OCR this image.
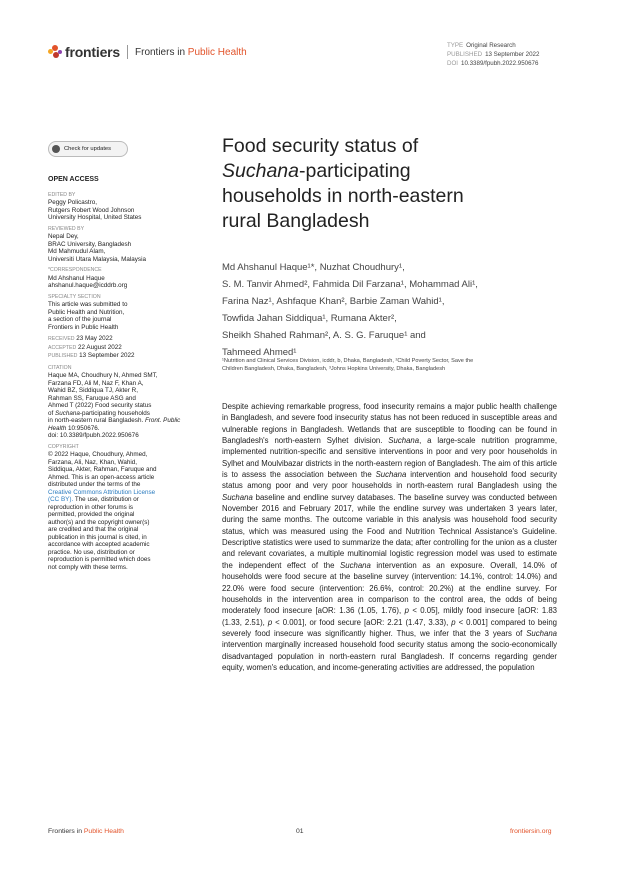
frontiers Frontiers in Public Health
TYPE Original Research
PUBLISHED 13 September 2022
DOI 10.3389/fpubh.2022.950676
Check for updates
OPEN ACCESS
EDITED BY
Peggy Policastro,
Rutgers Robert Wood Johnson
University Hospital, United States
REVIEWED BY
Nepal Dey,
BRAC University, Bangladesh
Md Mahmudul Alam,
Universiti Utara Malaysia, Malaysia
*CORRESPONDENCE
Md Ahshanul Haque
ahshanul.haque@icddrb.org
SPECIALTY SECTION
This article was submitted to
Public Health and Nutrition,
a section of the journal
Frontiers in Public Health
RECEIVED 23 May 2022
ACCEPTED 22 August 2022
PUBLISHED 13 September 2022
CITATION
Haque MA, Choudhury N, Ahmed SMT,
Farzana FD, Ali M, Naz F, Khan A,
Wahid BZ, Siddiqua TJ, Akter R,
Rahman SS, Faruque ASG and
Ahmed T (2022) Food security status
of Suchana-participating households
in north-eastern rural Bangladesh. Front. Public Health 10:950676.
doi: 10.3389/fpubh.2022.950676
COPYRIGHT
© 2022 Haque, Choudhury, Ahmed,
Farzana, Ali, Naz, Khan, Wahid,
Siddiqua, Akter, Rahman, Faruque and
Ahmed. This is an open-access article
distributed under the terms of the
Creative Commons Attribution License
(CC BY). The use, distribution or
reproduction in other forums is
permitted, provided the original
author(s) and the copyright owner(s)
are credited and that the original
publication in this journal is cited, in
accordance with accepted academic
practice. No use, distribution or
reproduction is permitted which does
not comply with these terms.
Food security status of
Suchana-participating
households in north-eastern
rural Bangladesh
Md Ahshanul Haque¹*, Nuzhat Choudhury¹,
S. M. Tanvir Ahmed², Fahmida Dil Farzana¹, Mohammad Ali¹,
Farina Naz¹, Ashfaque Khan², Barbie Zaman Wahid¹,
Towfida Jahan Siddiqua¹, Rumana Akter²,
Sheikh Shahed Rahman², A. S. G. Faruque¹ and
Tahmeed Ahmed¹
¹Nutrition and Clinical Services Division, icddr, b, Dhaka, Bangladesh, ²Child Poverty Sector, Save the
Children Bangladesh, Dhaka, Bangladesh, ³Johns Hopkins University, Dhaka, Bangladesh
Despite achieving remarkable progress, food insecurity remains a major public health challenge in Bangladesh, and severe food insecurity status has not been reduced in susceptible areas and vulnerable regions in Bangladesh. Wetlands that are susceptible to flooding can be found in Bangladesh's north-eastern Sylhet division. Suchana, a large-scale nutrition programme, implemented nutrition-specific and sensitive interventions in poor and very poor households in Sylhet and Moulvibazar districts in the north-eastern region of Bangladesh. The aim of this article is to assess the association between the Suchana intervention and household food security status among poor and very poor households in north-eastern rural Bangladesh using the Suchana baseline and endline survey databases. The baseline survey was conducted between November 2016 and February 2017, while the endline survey was undertaken 3 years later, during the same months. The outcome variable in this analysis was household food security status, which was measured using the Food and Nutrition Technical Assistance's Guideline. Descriptive statistics were used to summarize the data; after controlling for the union as a cluster and relevant covariates, a multiple multinomial logistic regression model was used to estimate the independent effect of the Suchana intervention as an exposure. Overall, 14.0% of households were food secure at the baseline survey (intervention: 14.1%, control: 14.0%) and 22.0% were food secure (intervention: 26.6%, control: 20.2%) at the endline survey. For households in the intervention area in comparison to the control area, the odds of being moderately food insecure [aOR: 1.36 (1.05, 1.76), p < 0.05], mildly food insecure [aOR: 1.83 (1.33, 2.51), p < 0.001], or food secure [aOR: 2.21 (1.47, 3.33), p < 0.001] compared to being severely food insecure was significantly higher. Thus, we infer that the 3 years of Suchana intervention marginally increased household food security status among the socio-economically disadvantaged population in north-eastern rural Bangladesh. If concerns regarding gender equity, women's education, and income-generating activities are addressed, the population
Frontiers in Public Health	01	frontiersin.org
